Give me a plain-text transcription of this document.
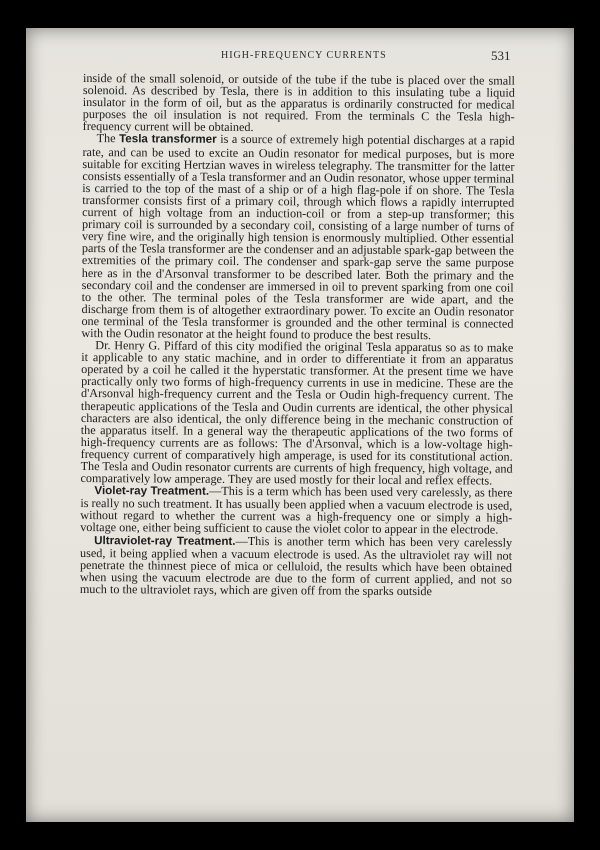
HIGH-FREQUENCY CURRENTS	531

inside of the small solenoid, or outside of the tube if the tube is placed over the small solenoid. As described by Tesla, there is in addition to this insulating tube a liquid insulator in the form of oil, but as the apparatus is ordinarily constructed for medical purposes the oil insulation is not required. From the terminals C the Tesla high-frequency current will be obtained.

The Tesla transformer is a source of extremely high potential discharges at a rapid rate, and can be used to excite an Oudin resonator for medical purposes, but is more suitable for exciting Hertzian waves in wireless telegraphy. The transmitter for the latter consists essentially of a Tesla transformer and an Oudin resonator, whose upper terminal is carried to the top of the mast of a ship or of a high flag-pole if on shore. The Tesla transformer consists first of a primary coil, through which flows a rapidly interrupted current of high voltage from an induction-coil or from a step-up transformer; this primary coil is surrounded by a secondary coil, consisting of a large number of turns of very fine wire, and the originally high tension is enormously multiplied. Other essential parts of the Tesla transformer are the condenser and an adjustable spark-gap between the extremities of the primary coil. The condenser and spark-gap serve the same purpose here as in the d'Arsonval transformer to be described later. Both the primary and the secondary coil and the condenser are immersed in oil to prevent sparking from one coil to the other. The terminal poles of the Tesla transformer are wide apart, and the discharge from them is of altogether extraordinary power. To excite an Oudin resonator one terminal of the Tesla transformer is grounded and the other terminal is connected with the Oudin resonator at the height found to produce the best results.

Dr. Henry G. Piffard of this city modified the original Tesla apparatus so as to make it applicable to any static machine, and in order to differentiate it from an apparatus operated by a coil he called it the hyperstatic transformer. At the present time we have practically only two forms of high-frequency currents in use in medicine. These are the d'Arsonval high-frequency current and the Tesla or Oudin high-frequency current. The therapeutic applications of the Tesla and Oudin currents are identical, the other physical characters are also identical, the only difference being in the mechanic construction of the apparatus itself. In a general way the therapeutic applications of the two forms of high-frequency currents are as follows: The d'Arsonval, which is a low-voltage high-frequency current of comparatively high amperage, is used for its constitutional action. The Tesla and Oudin resonator currents are currents of high frequency, high voltage, and comparatively low amperage. They are used mostly for their local and reflex effects.

Violet-ray Treatment.—This is a term which has been used very carelessly, as there is really no such treatment. It has usually been applied when a vacuum electrode is used, without regard to whether the current was a high-frequency one or simply a high-voltage one, either being sufficient to cause the violet color to appear in the electrode.

Ultraviolet-ray Treatment.—This is another term which has been very carelessly used, it being applied when a vacuum electrode is used. As the ultraviolet ray will not penetrate the thinnest piece of mica or celluloid, the results which have been obtained when using the vacuum electrode are due to the form of current applied, and not so much to the ultraviolet rays, which are given off from the sparks outside
